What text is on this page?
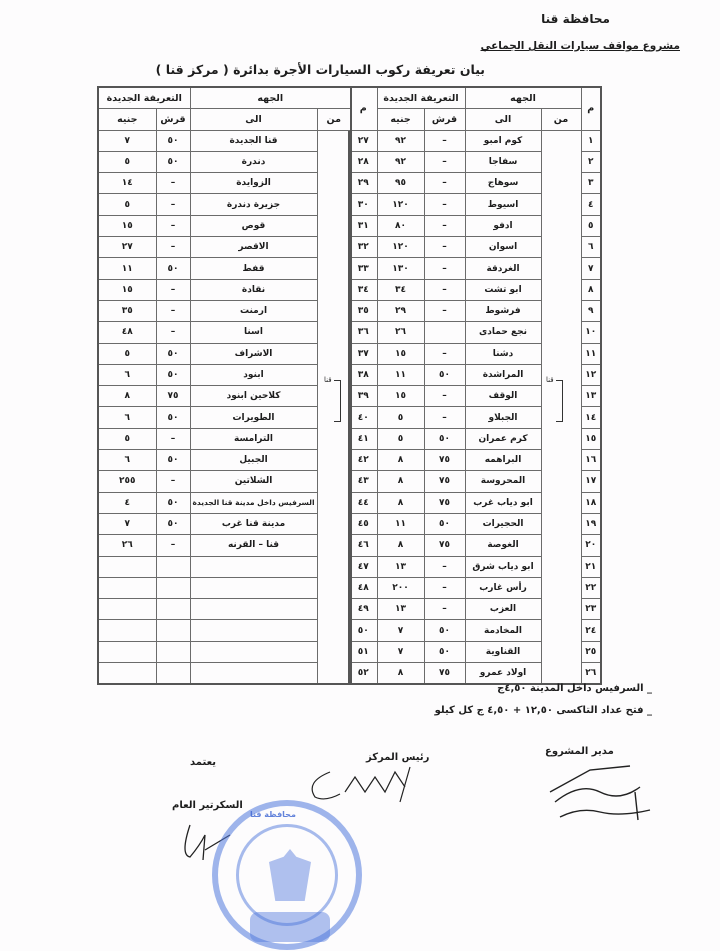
محافظة قنا
مشروع مواقف سيارات النقل الجماعي
بيان تعريفة ركوب السيارات الأجرة بدائرة ( مركز قنا )
م	الجهه		التعريفة الجديدة		م
	من	الى	قرش	جنيه	
١		كوم امبو	–	٩٢	٢٧
٢		سفاجا	–	٩٢	٢٨
٣		سوهاج	–	٩٥	٢٩
٤		اسيوط	–	١٢٠	٣٠
٥		ادفو	–	٨٠	٣١
٦		اسوان	–	١٢٠	٣٢
٧		الغردقة	–	١٣٠	٣٣
٨		ابو تشت	–	٣٤	٣٤
٩		فرشوط	–	٢٩	٣٥
١٠		نجع حمادى		٢٦	٣٦
١١		دشنا	–	١٥	٣٧
١٢		المراشدة	٥٠	١١	٣٨
١٣		الوقف	–	١٥	٣٩
١٤		الجبلاو	–	٥	٤٠
١٥		كرم عمران	٥٠	٥	٤١
١٦		البراهمه	٧٥	٨	٤٢
١٧		المحروسة	٧٥	٨	٤٣
١٨		ابو دياب غرب	٧٥	٨	٤٤
١٩		الحجيرات	٥٠	١١	٤٥
٢٠		الغوصة	٧٥	٨	٤٦
٢١		ابو دياب شرق	–	١٣	٤٧
٢٢		رأس غارب	–	٢٠٠	٤٨
٢٣		العزب	–	١٣	٤٩
٢٤		المخادمة	٥٠	٧	٥٠
٢٥		القناوية	٥٠	٧	٥١
٢٦		اولاد عمرو	٧٥	٨	٥٢
الجهه		التعريفة الجديدة	
من	الى	قرش	جنيه
	قنا الجديدة	٥٠	٧
	دندرة	٥٠	٥
	الزوايدة	–	١٤
	جزيرة دندرة	–	٥
	قوص	–	١٥
	الاقصر	–	٢٧
	قفط	٥٠	١١
	نقادة	–	١٥
	ارمنت	–	٣٥
	اسنا	–	٤٨
	الاشراف	٥٠	٥
	ابنود	٥٠	٦
	كلاحين ابنود	٧٥	٨
	الطويرات	٥٠	٦
	الترامسة	–	٥
	الجبيل	٥٠	٦
	الشلاتين	–	٢٥٥
	السرفيس داخل مدينة قنا الجديدة	٥٠	٤
	مدينة قنا غرب	٥٠	٧
	قنا – القرنه	–	٢٦

قنا
قنا
_ السرفيس داخل المدينة ٤,٥٠ج
_ فتح عداد التاكسى ١٢,٥٠ + ٤,٥٠ ج كل كيلو
مدير المشروع
رئيس المركز
يعتمد
السكرتير العام
محافظة قنا
